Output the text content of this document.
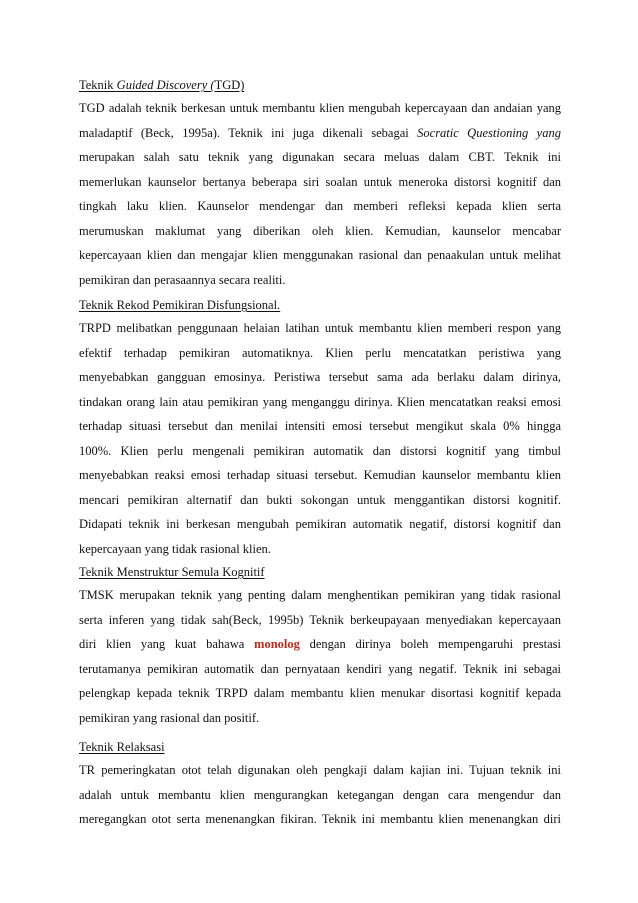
Teknik Guided Discovery (TGD)
TGD adalah teknik berkesan untuk membantu klien mengubah kepercayaan dan andaian yang
maladaptif (Beck, 1995a). Teknik ini juga dikenali sebagai Socratic Questioning yang
merupakan salah satu teknik yang digunakan secara meluas dalam CBT. Teknik ini
memerlukan kaunselor bertanya beberapa siri soalan untuk meneroka distorsi kognitif dan
tingkah laku klien. Kaunselor mendengar dan memberi refleksi kepada klien serta
merumuskan maklumat yang diberikan oleh klien. Kemudian, kaunselor mencabar
kepercayaan klien dan mengajar klien menggunakan rasional dan penaakulan untuk melihat
pemikiran dan perasaannya secara realiti.
Teknik Rekod Pemikiran Disfungsional.
TRPD melibatkan penggunaan helaian latihan untuk membantu klien memberi respon yang
efektif terhadap pemikiran automatiknya. Klien perlu mencatatkan peristiwa yang
menyebabkan gangguan emosinya. Peristiwa tersebut sama ada berlaku dalam dirinya,
tindakan orang lain atau pemikiran yang menganggu dirinya. Klien mencatatkan reaksi emosi
terhadap situasi tersebut dan menilai intensiti emosi tersebut mengikut skala 0% hingga
100%. Klien perlu mengenali pemikiran automatik dan distorsi kognitif yang timbul
menyebabkan reaksi emosi terhadap situasi tersebut. Kemudian kaunselor membantu klien
mencari pemikiran alternatif dan bukti sokongan untuk menggantikan distorsi kognitif.
Didapati teknik ini berkesan mengubah pemikiran automatik negatif, distorsi kognitif dan
kepercayaan yang tidak rasional klien.
Teknik Menstruktur Semula Kognitif
TMSK merupakan teknik yang penting dalam menghentikan pemikiran yang tidak rasional
serta inferen yang tidak sah(Beck, 1995b) Teknik berkeupayaan menyediakan kepercayaan
diri klien yang kuat bahawa monolog dengan dirinya boleh mempengaruhi prestasi
terutamanya pemikiran automatik dan pernyataan kendiri yang negatif. Teknik ini sebagai
pelengkap kepada teknik TRPD dalam membantu klien menukar disortasi kognitif kepada
pemikiran yang rasional dan positif.
Teknik Relaksasi
TR pemeringkatan otot telah digunakan oleh pengkaji dalam kajian ini. Tujuan teknik ini
adalah untuk membantu klien mengurangkan ketegangan dengan cara mengendur dan
meregangkan otot serta menenangkan fikiran. Teknik ini membantu klien menenangkan diri
